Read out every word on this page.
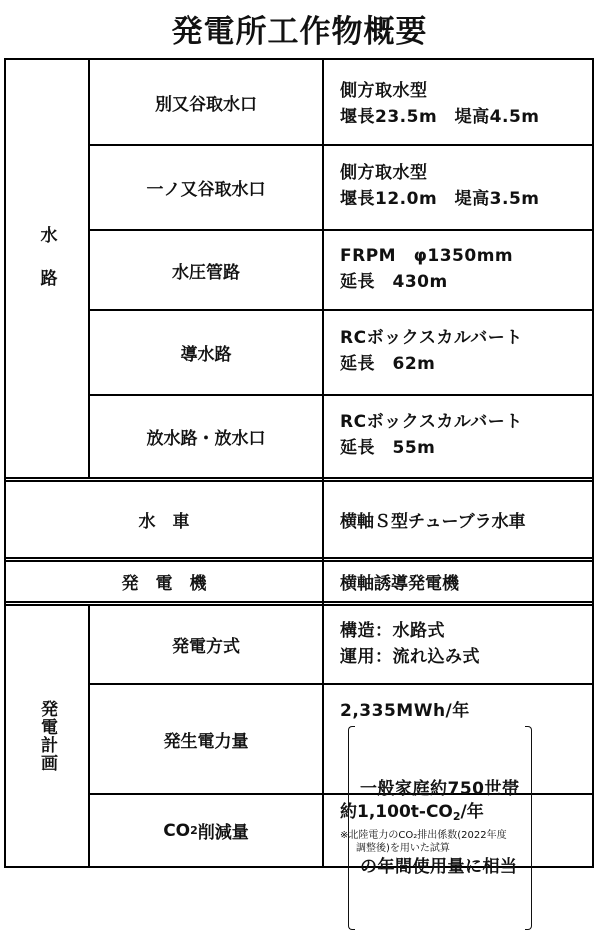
発電所工作物概要
水路
別又谷取水口
側方取水型
堰長23.5m　堤高4.5m
一ノ又谷取水口
側方取水型
堰長12.0m　堤高3.5m
水圧管路
FRPM　φ1350mm
延長　430m
導水路
RCボックスカルバート
延長　62m
放水路・放水口
RCボックスカルバート
延長　55m
水　車	横軸Ｓ型チューブラ水車
発　電　機	横軸誘導発電機
発電計画
発電方式
構造：水路式
運用：流れ込み式
発生電力量
2,335MWh/年

一般家庭約750世帯

の年間使用量に相当

CO 2 削減量
約$1,100t-CO_2/$年
※北陸電力のCO₂排出係数(2022年度
調整後)を用いた試算
